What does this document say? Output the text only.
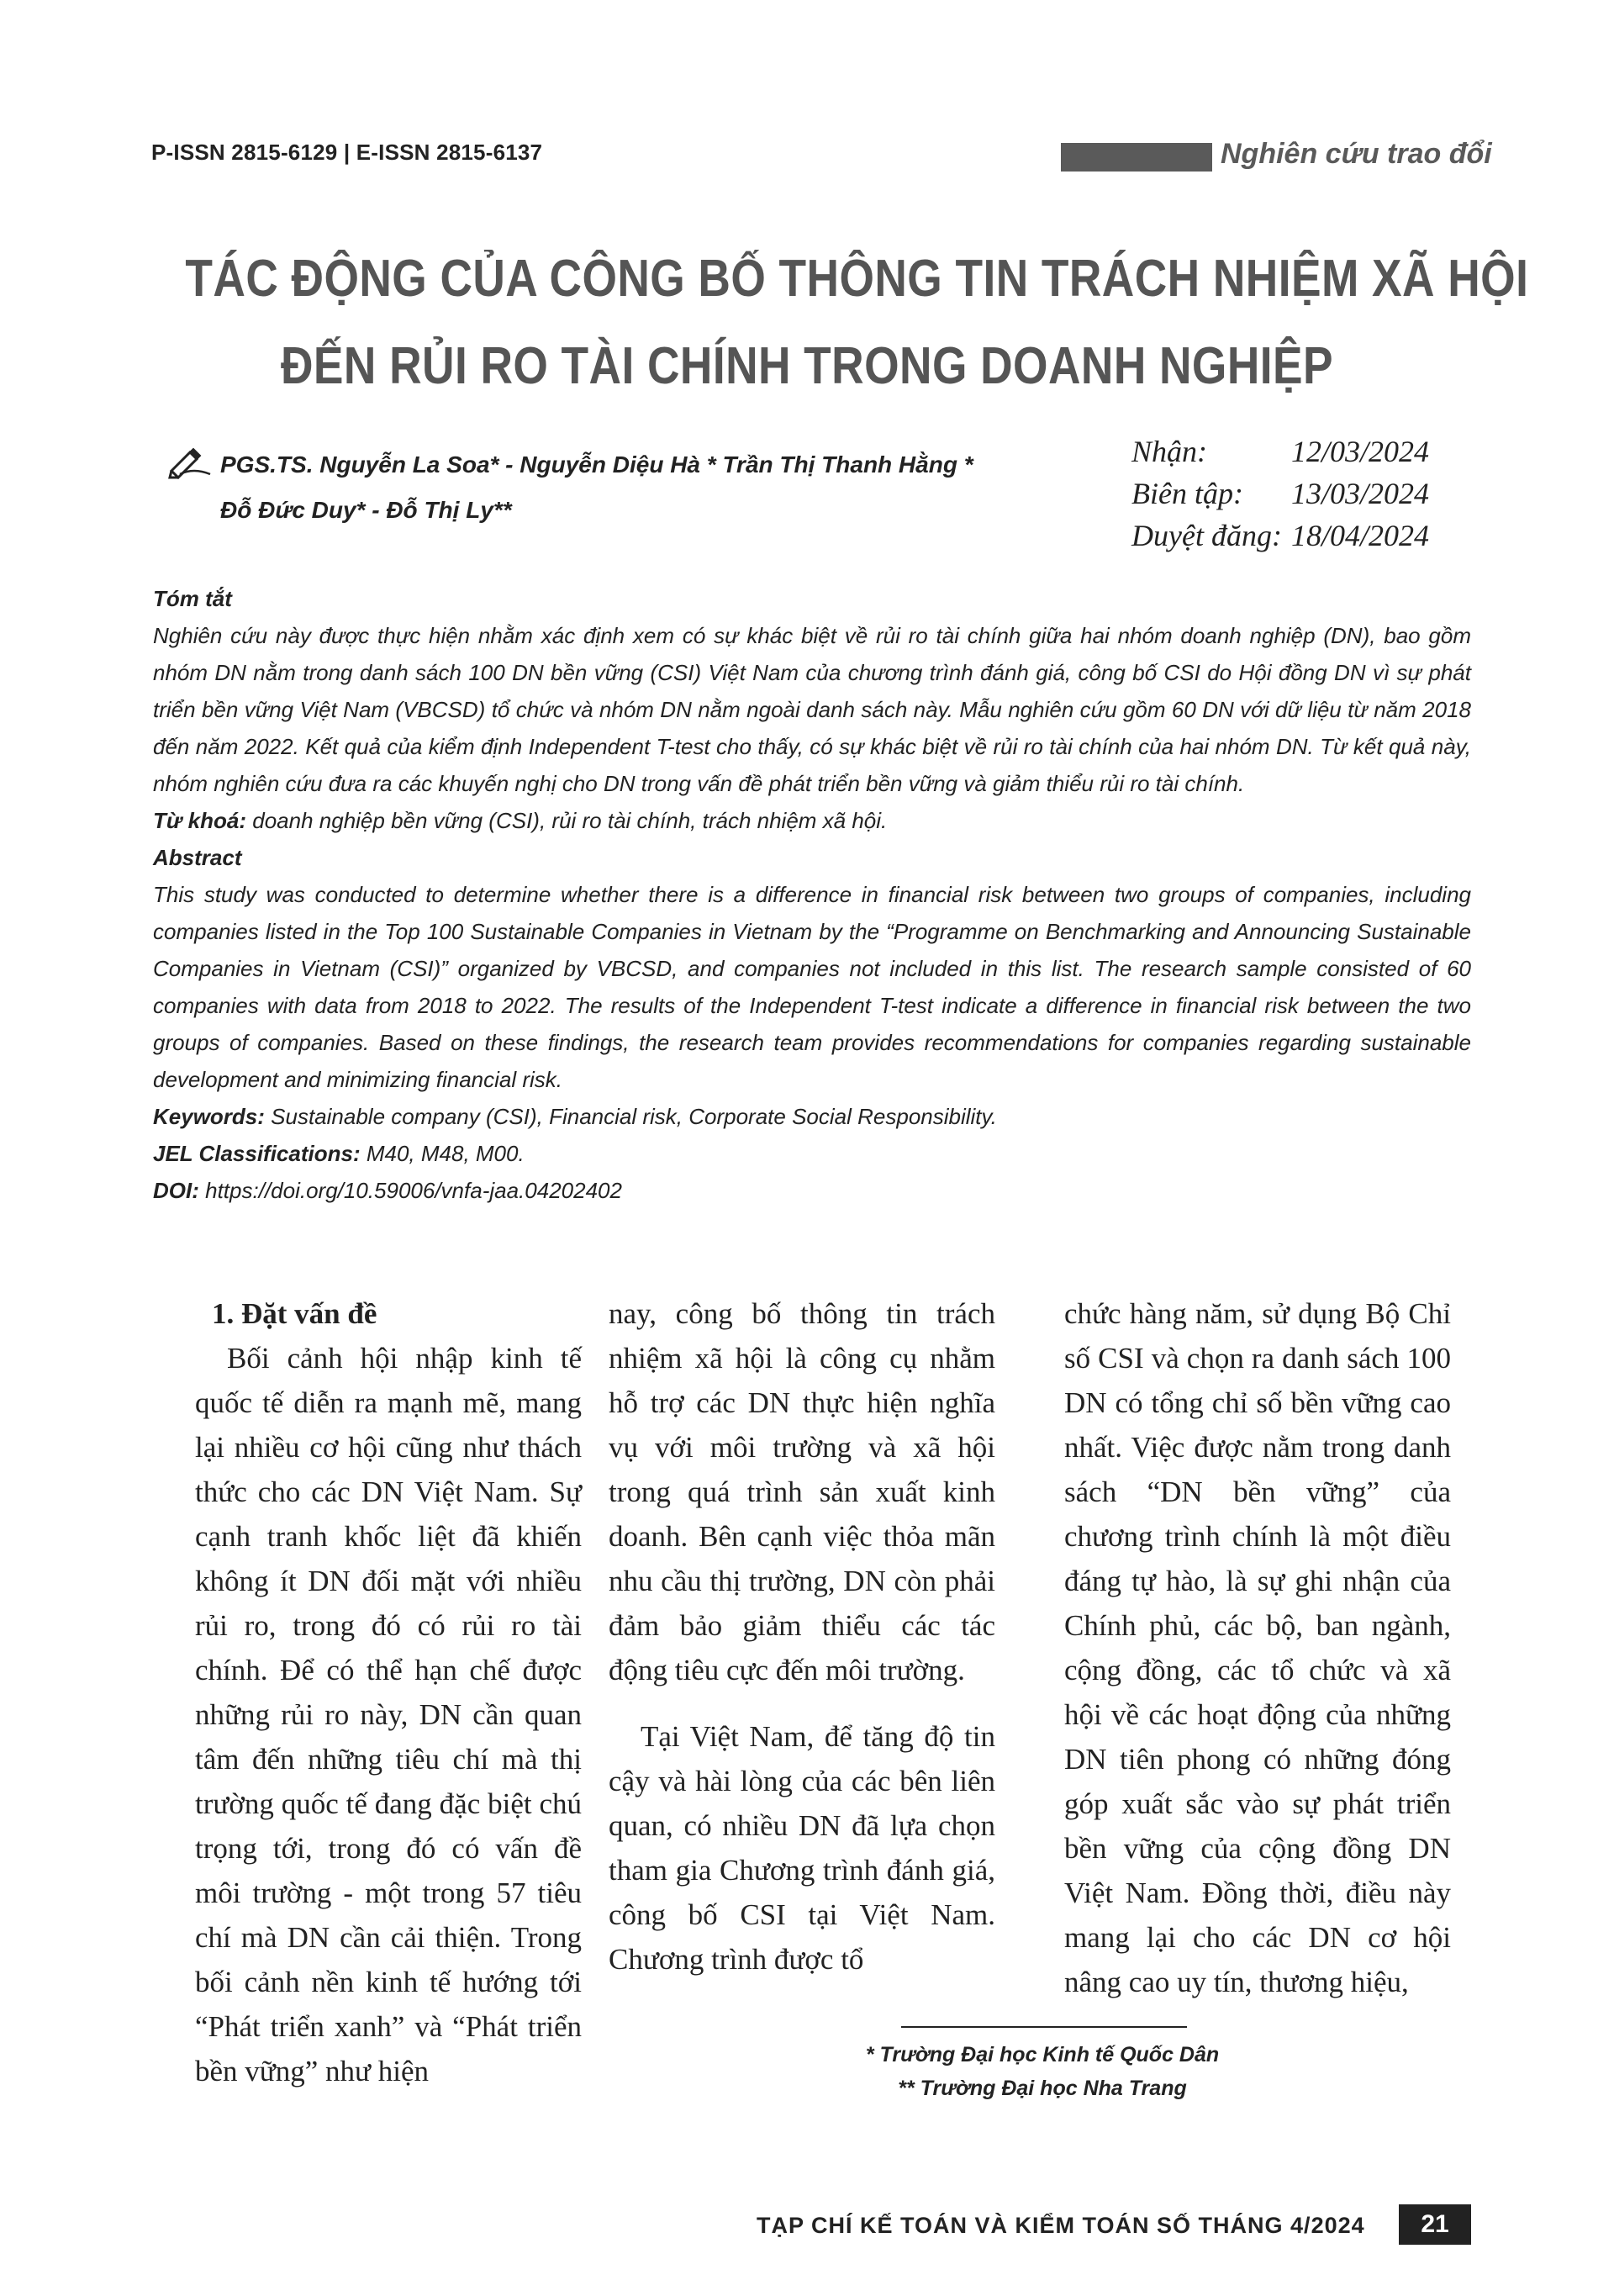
P-ISSN 2815-6129 | E-ISSN 2815-6137	Nghiên cứu trao đổi
TÁC ĐỘNG CỦA CÔNG BỐ THÔNG TIN TRÁCH NHIỆM XÃ HỘI
ĐẾN RỦI RO TÀI CHÍNH TRONG DOANH NGHIỆP
PGS.TS. Nguyễn La Soa* - Nguyễn Diệu Hà * Trần Thị Thanh Hằng *
Đỗ Đức Duy* - Đỗ Thị Ly**
Nhận:	12/03/2024
Biên tập:	13/03/2024
Duyệt đăng: 18/04/2024
Tóm tắt

Nghiên cứu này được thực hiện nhằm xác định xem có sự khác biệt về rủi ro tài chính giữa hai nhóm doanh nghiệp (DN), bao gồm nhóm DN nằm trong danh sách 100 DN bền vững (CSI) Việt Nam của chương trình đánh giá, công bố CSI do Hội đồng DN vì sự phát triển bền vững Việt Nam (VBCSD) tổ chức và nhóm DN nằm ngoài danh sách này. Mẫu nghiên cứu gồm 60 DN với dữ liệu từ năm 2018 đến năm 2022. Kết quả của kiểm định Independent T-test cho thấy, có sự khác biệt về rủi ro tài chính của hai nhóm DN. Từ kết quả này, nhóm nghiên cứu đưa ra các khuyến nghị cho DN trong vấn đề phát triển bền vững và giảm thiểu rủi ro tài chính.

Từ khoá: doanh nghiệp bền vững (CSI), rủi ro tài chính, trách nhiệm xã hội.
Abstract

This study was conducted to determine whether there is a difference in financial risk between two groups of companies, including companies listed in the Top 100 Sustainable Companies in Vietnam by the “Programme on Benchmarking and Announcing Sustainable Companies in Vietnam (CSI)” organized by VBCSD, and companies not included in this list. The research sample consisted of 60 companies with data from 2018 to 2022. The results of the Independent T-test indicate a difference in financial risk between the two groups of companies. Based on these findings, the research team provides recommendations for companies regarding sustainable development and minimizing financial risk.

Keywords: Sustainable company (CSI), Financial risk, Corporate Social Responsibility.
JEL Classifications: M40, M48, M00.
DOI: https://doi.org/10.59006/vnfa-jaa.04202402
1. Đặt vấn đề

Bối cảnh hội nhập kinh tế quốc tế diễn ra mạnh mẽ, mang lại nhiều cơ hội cũng như thách thức cho các DN Việt Nam. Sự cạnh tranh khốc liệt đã khiến không ít DN đối mặt với nhiều rủi ro, trong đó có rủi ro tài chính. Để có thể hạn chế được những rủi ro này, DN cần quan tâm đến những tiêu chí mà thị trường quốc tế đang đặc biệt chú trọng tới, trong đó có vấn đề môi trường - một trong 57 tiêu chí mà DN cần cải thiện. Trong bối cảnh nền kinh tế hướng tới “Phát triển xanh” và “Phát triển bền vững” như hiện

nay, công bố thông tin trách nhiệm xã hội là công cụ nhằm hỗ trợ các DN thực hiện nghĩa vụ với môi trường và xã hội trong quá trình sản xuất kinh doanh. Bên cạnh việc thỏa mãn nhu cầu thị trường, DN còn phải đảm bảo giảm thiểu các tác động tiêu cực đến môi trường.

Tại Việt Nam, để tăng độ tin cậy và hài lòng của các bên liên quan, có nhiều DN đã lựa chọn tham gia Chương trình đánh giá, công bố CSI tại Việt Nam. Chương trình được tổ

chức hàng năm, sử dụng Bộ Chỉ số CSI và chọn ra danh sách 100 DN có tổng chỉ số bền vững cao nhất. Việc được nằm trong danh sách “DN bền vững” của chương trình chính là một điều đáng tự hào, là sự ghi nhận của Chính phủ, các bộ, ban ngành, cộng đồng, các tổ chức và xã hội về các hoạt động của những DN tiên phong có những đóng góp xuất sắc vào sự phát triển bền vững của cộng đồng DN Việt Nam. Đồng thời, điều này mang lại cho các DN cơ hội nâng cao uy tín, thương hiệu,

* Trường Đại học Kinh tế Quốc Dân
** Trường Đại học Nha Trang
TẠP CHÍ KẾ TOÁN VÀ KIỂM TOÁN SỐ THÁNG 4/2024	21
